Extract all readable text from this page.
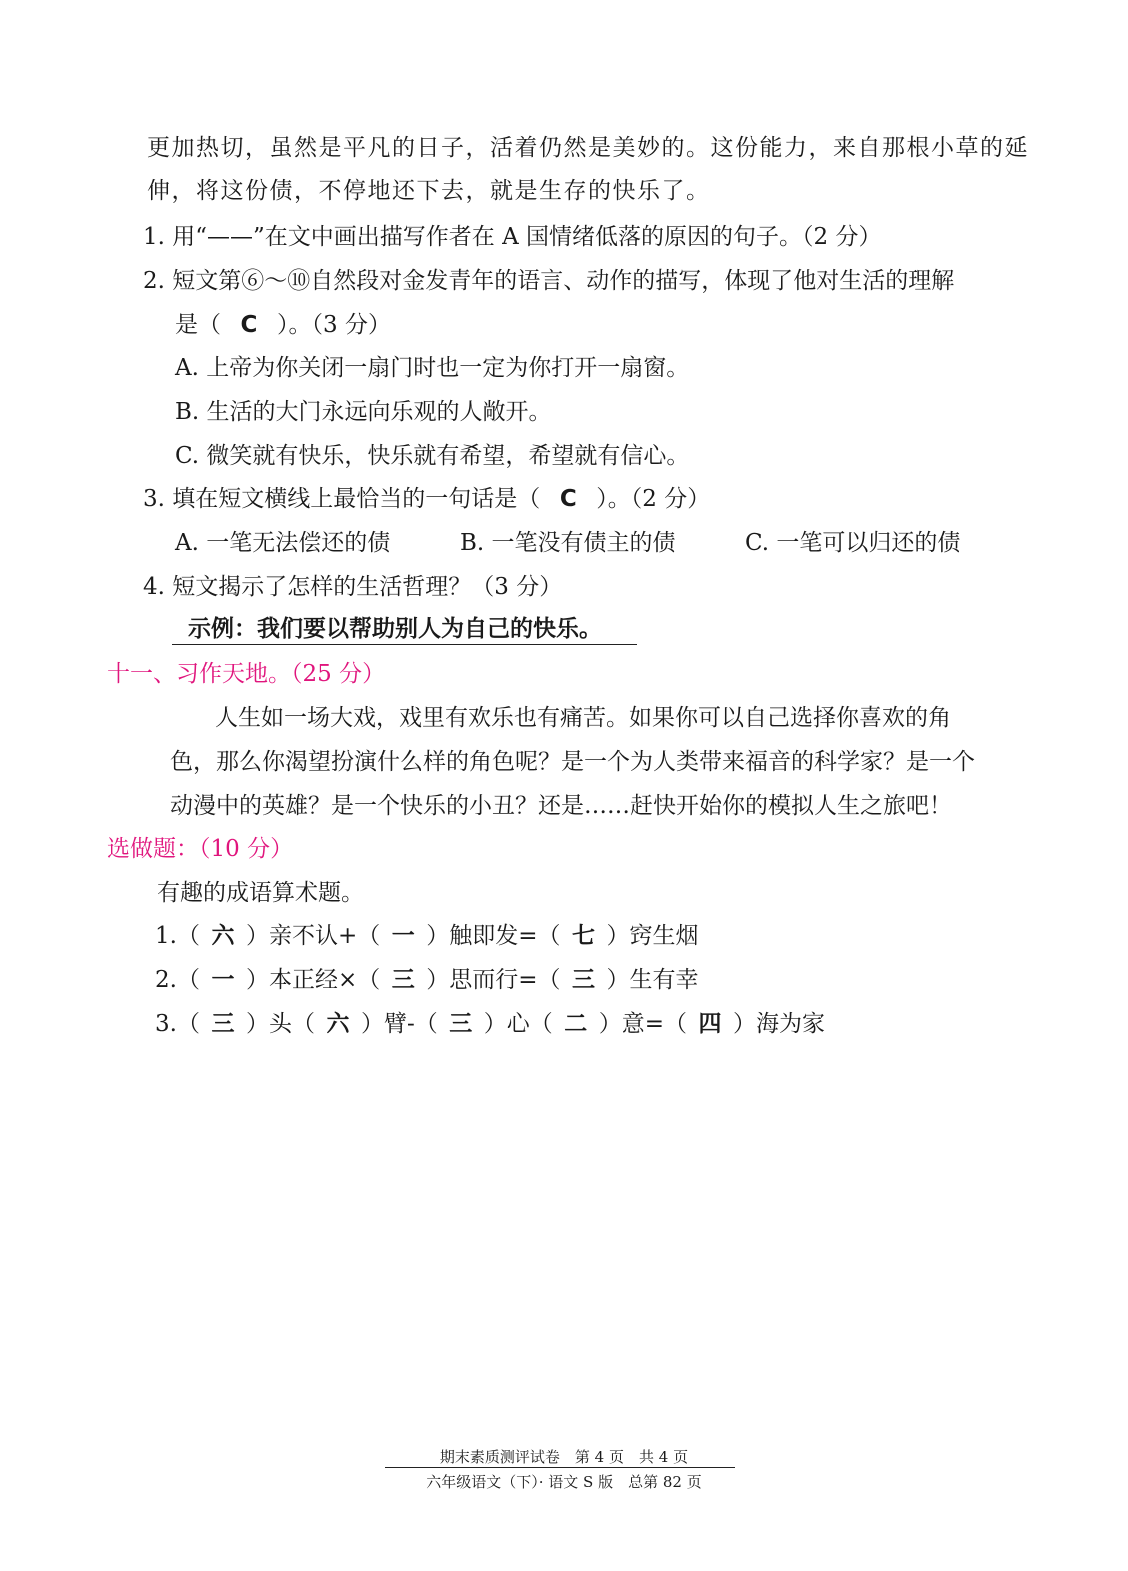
更加热切，虽然是平凡的日子，活着仍然是美妙的。这份能力，来自那根小草的延
伸，将这份债，不停地还下去，就是生存的快乐了。
1. 用“——”在文中画出描写作者在 A 国情绪低落的原因的句子。（2 分）
2. 短文第⑥～⑩自然段对金发青年的语言、动作的描写，体现了他对生活的理解
是（ C ）。（3 分）
A. 上帝为你关闭一扇门时也一定为你打开一扇窗。
B. 生活的大门永远向乐观的人敞开。
C. 微笑就有快乐，快乐就有希望，希望就有信心。
3. 填在短文横线上最恰当的一句话是（ C ）。（2 分）
A. 一笔无法偿还的债	B. 一笔没有债主的债	C. 一笔可以归还的债
4. 短文揭示了怎样的生活哲理？（3 分）
示例：我们要以帮助别人为自己的快乐。
十一、习作天地。（25 分）
人生如一场大戏，戏里有欢乐也有痛苦。如果你可以自己选择你喜欢的角
色，那么你渴望扮演什么样的角色呢？是一个为人类带来福音的科学家？是一个
动漫中的英雄？是一个快乐的小丑？还是……赶快开始你的模拟人生之旅吧！
选做题：（10 分）
有趣的成语算术题。
1.（ 六 ）亲不认+（ 一 ）触即发=（ 七 ）窍生烟
2.（ 一 ）本正经×（ 三 ）思而行=（ 三 ）生有幸
3.（ 三 ）头（ 六 ）臂-（ 三 ）心（ 二 ）意=（ 四 ）海为家
期末素质测评试卷　第 4 页　共 4 页
六年级语文（下）· 语文 S 版　总第 82 页
